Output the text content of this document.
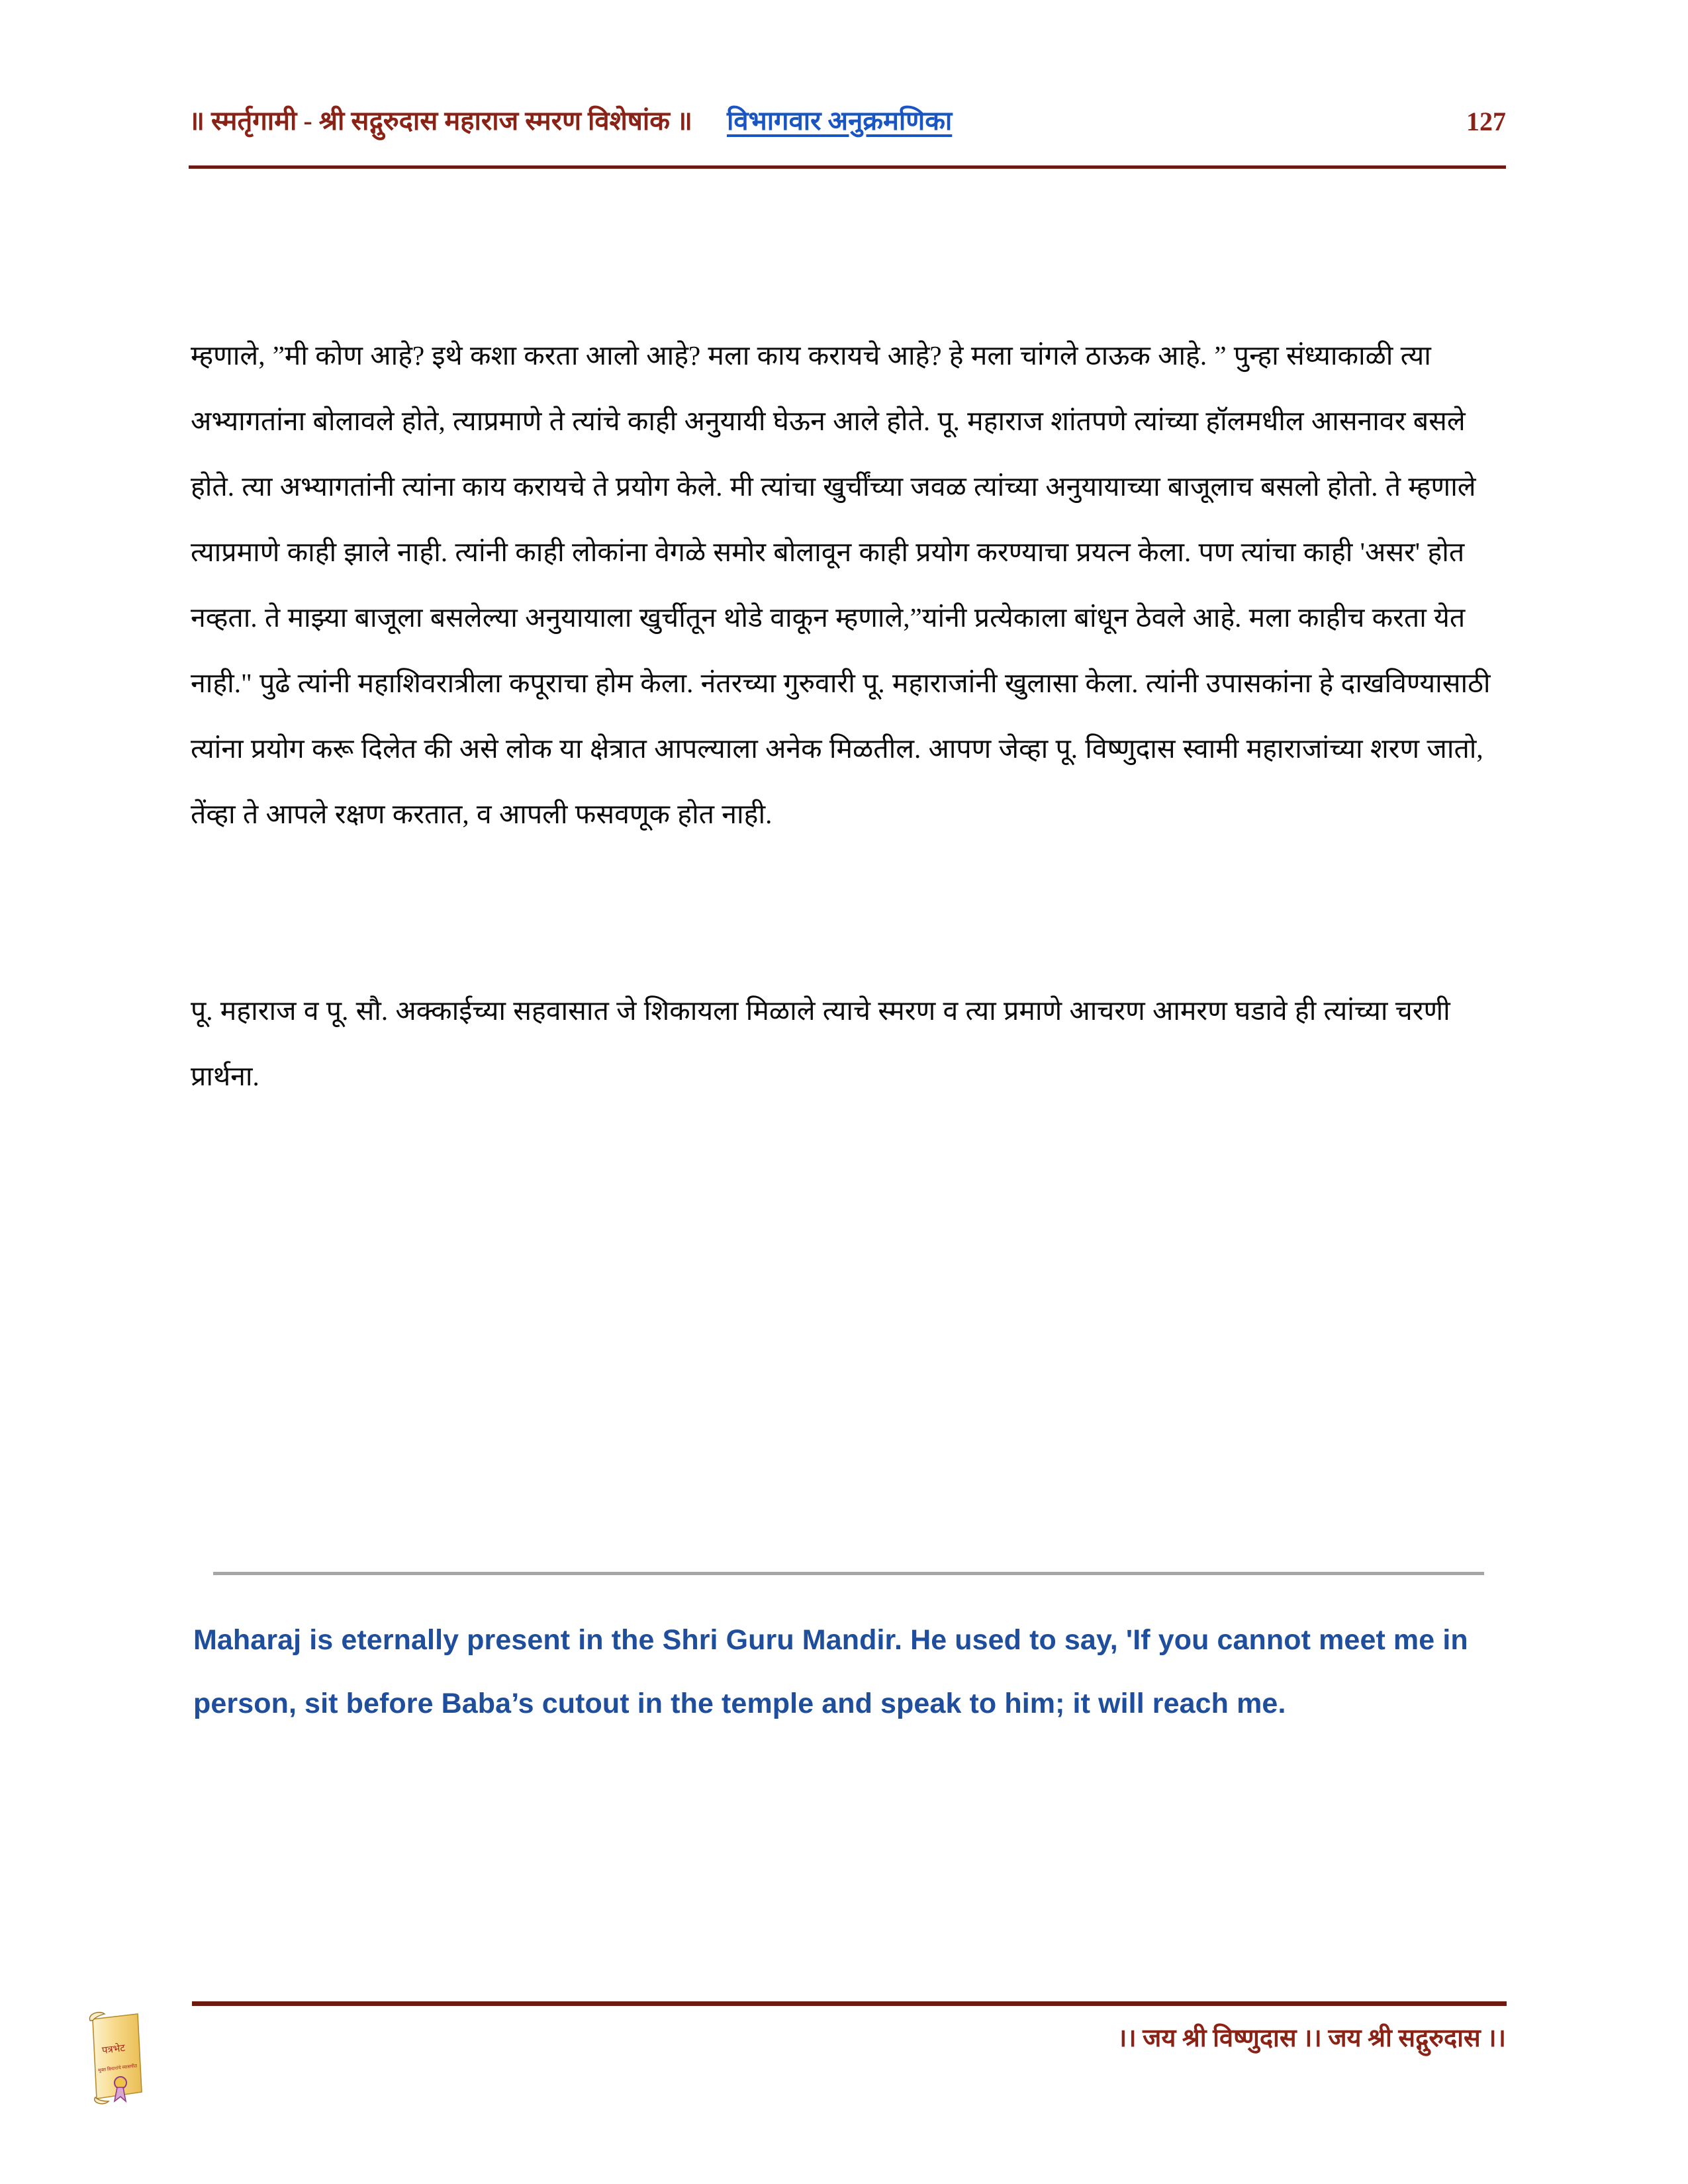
॥ स्मर्तृगामी - श्री सद्गुरुदास महाराज स्मरण विशेषांक ॥ विभागवार अनुक्रमणिका	127

म्हणाले, ”मी कोण आहे? इथे कशा करता आलो आहे? मला काय करायचे आहे? हे मला चांगले ठाऊक आहे. ” पुन्हा संध्याकाळी त्या अभ्यागतांना बोलावले होते, त्याप्रमाणे ते त्यांचे काही अनुयायी घेऊन आले होते. पू. महाराज शांतपणे त्यांच्या हॉलमधील आसनावर बसले होते. त्या अभ्यागतांनी त्यांना काय करायचे ते प्रयोग केले. मी त्यांचा खुर्चींच्या जवळ त्यांच्या अनुयायाच्या बाजूलाच बसलो होतो. ते म्हणाले त्याप्रमाणे काही झाले नाही. त्यांनी काही लोकांना वेगळे समोर बोलावून काही प्रयोग करण्याचा प्रयत्न केला. पण त्यांचा काही 'असर' होत नव्हता. ते माझ्या बाजूला बसलेल्या अनुयायाला खुर्चीतून थोडे वाकून म्हणाले,”यांनी प्रत्येकाला बांधून ठेवले आहे. मला काहीच करता येत नाही." पुढे त्यांनी महाशिवरात्रीला कपूराचा होम केला. नंतरच्या गुरुवारी पू. महाराजांनी खुलासा केला. त्यांनी उपासकांना हे दाखविण्यासाठी त्यांना प्रयोग करू दिलेत की असे लोक या क्षेत्रात आपल्याला अनेक मिळतील. आपण जेव्हा पू. विष्णुदास स्वामी महाराजांच्या शरण जातो, तेंव्हा ते आपले रक्षण करतात, व आपली फसवणूक होत नाही.

पू. महाराज व पू. सौ. अक्काईच्या सहवासात जे शिकायला मिळाले त्याचे स्मरण व त्या प्रमाणे आचरण आमरण घडावे ही त्यांच्या चरणी प्रार्थना.

Maharaj is eternally present in the Shri Guru Mandir. He used to say, 'If you cannot meet me in person, sit before Baba’s cutout in the temple and speak to him; it will reach me.
।। जय श्री विष्णुदास ।। जय श्री सद्गुरुदास ।।
पत्रभेट
मुक्त विचारांचे व्यासपीठ
